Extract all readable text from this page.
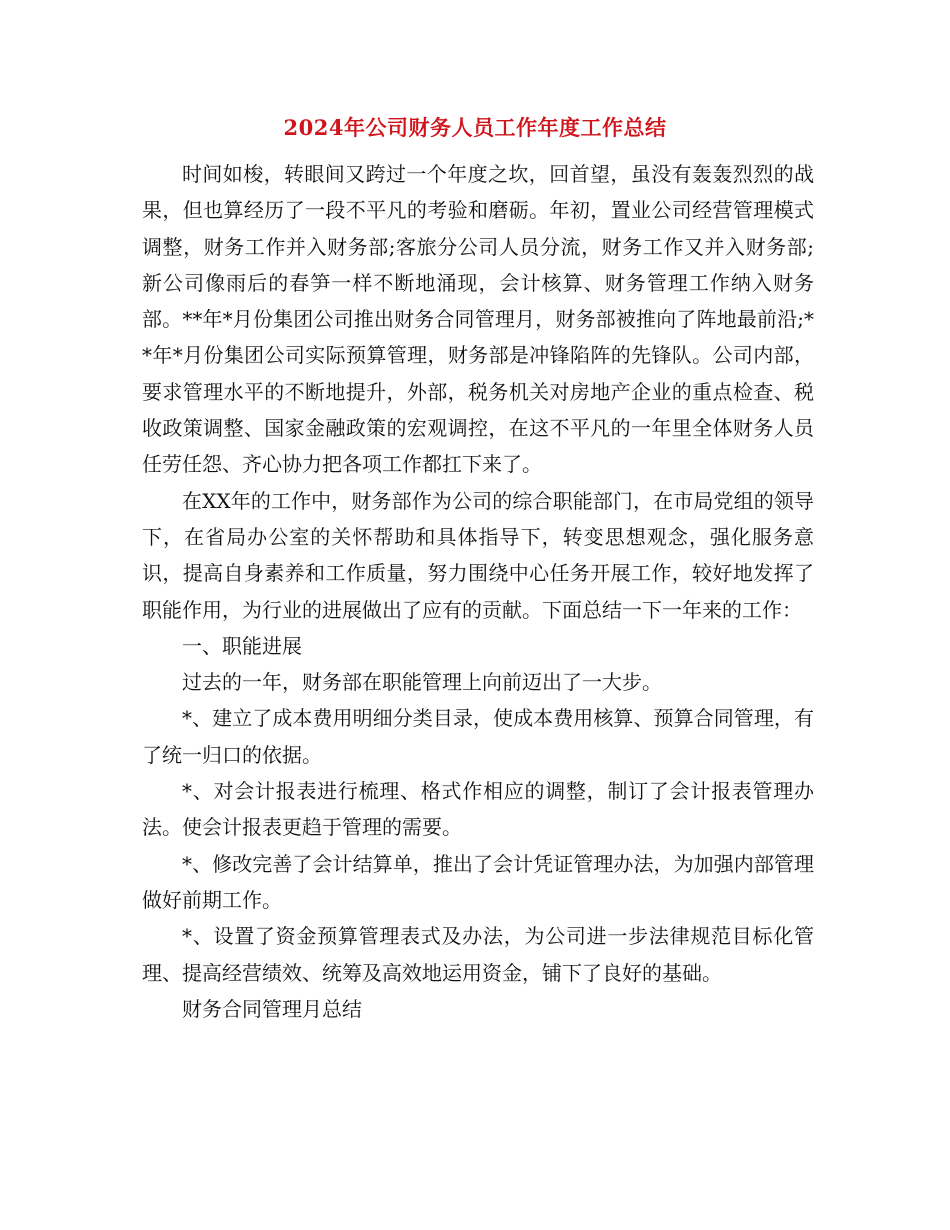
2024年公司财务人员工作年度工作总结

时间如梭，转眼间又跨过一个年度之坎，回首望，虽没有轰轰烈烈的战果，但也算经历了一段不平凡的考验和磨砺。年初，置业公司经营管理模式调整，财务工作并入财务部;客旅分公司人员分流，财务工作又并入财务部;新公司像雨后的春笋一样不断地涌现，会计核算、财务管理工作纳入财务部。**年*月份集团公司推出财务合同管理月，财务部被推向了阵地最前沿;**年*月份集团公司实际预算管理，财务部是冲锋陷阵的先锋队。公司内部，要求管理水平的不断地提升，外部，税务机关对房地产企业的重点检查、税收政策调整、国家金融政策的宏观调控，在这不平凡的一年里全体财务人员任劳任怨、齐心协力把各项工作都扛下来了。

在XX年的工作中，财务部作为公司的综合职能部门，在市局党组的领导下，在省局办公室的关怀帮助和具体指导下，转变思想观念，强化服务意识，提高自身素养和工作质量，努力围绕中心任务开展工作，较好地发挥了职能作用，为行业的进展做出了应有的贡献。下面总结一下一年来的工作：

一、职能进展

过去的一年，财务部在职能管理上向前迈出了一大步。

*、建立了成本费用明细分类目录，使成本费用核算、预算合同管理，有了统一归口的依据。

*、对会计报表进行梳理、格式作相应的调整，制订了会计报表管理办法。使会计报表更趋于管理的需要。

*、修改完善了会计结算单，推出了会计凭证管理办法，为加强内部管理做好前期工作。

*、设置了资金预算管理表式及办法，为公司进一步法律规范目标化管理、提高经营绩效、统筹及高效地运用资金，铺下了良好的基础。

财务合同管理月总结
